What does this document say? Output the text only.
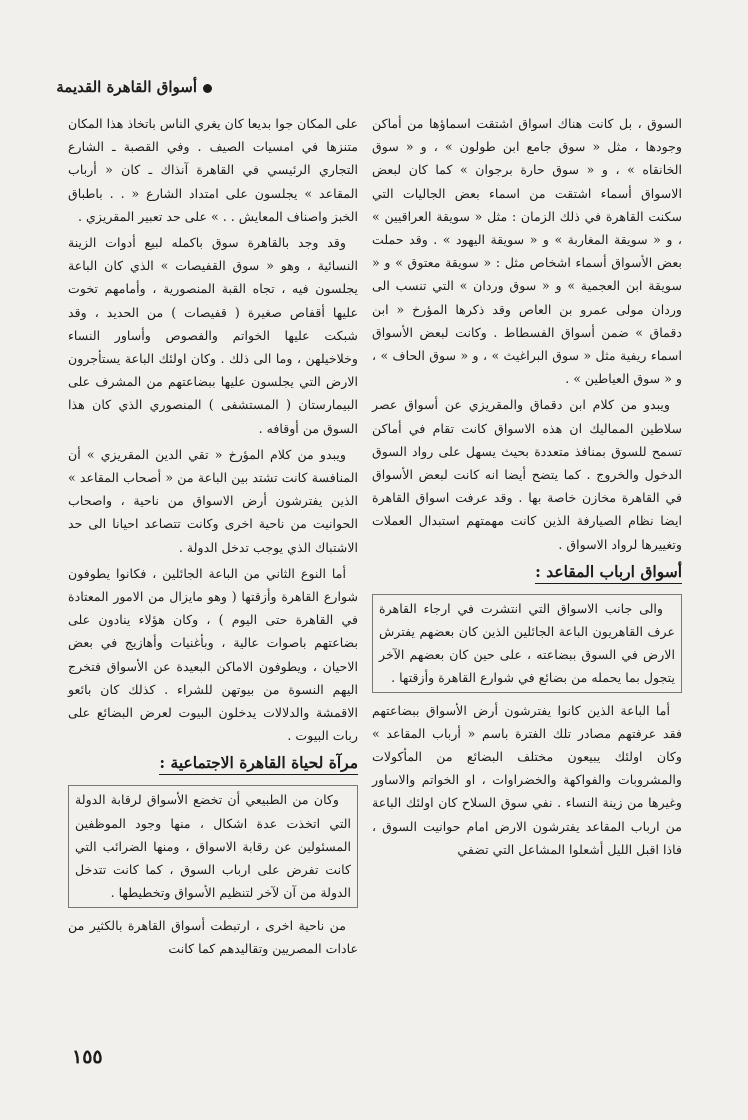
أسواق القاهرة القديمة

السوق ، بل كانت هناك اسواق اشتقت اسماؤها من أماكن وجودها ، مثل « سوق جامع ابن طولون » ، و « سوق الخانقاه » ، و « سوق حارة برجوان » كما كان لبعض الاسواق أسماء اشتقت من اسماء بعض الجاليات التي سكنت القاهرة في ذلك الزمان : مثل « سويقة العراقيين » ، و « سويقة المغاربة » و « سويقة اليهود » . وقد حملت بعض الأسواق أسماء اشخاص مثل : « سويقة معتوق » و « سويقة ابن العجمية » و « سوق وردان » التي تنسب الى وردان مولى عمرو بن العاص وقد ذكرها المؤرخ « ابن دقماق » ضمن أسواق الفسطاط . وكانت لبعض الأسواق اسماء ريفية مثل « سوق البراغيث » ، و « سوق الحاف » ، و « سوق العياطين » .

ويبدو من كلام ابن دقماق والمقريزي عن أسواق عصر سلاطين المماليك ان هذه الاسواق كانت تقام في أماكن تسمح للسوق بمنافذ متعددة بحيث يسهل على رواد السوق الدخول والخروج . كما يتضح أيضا انه كانت لبعض الأسواق في القاهرة مخازن خاصة بها . وقد عرفت اسواق القاهرة ايضا نظام الصيارفة الذين كانت مهمتهم استبدال العملات وتغييرها لرواد الاسواق .

أسواق ارباب المقاعد :

والى جانب الاسواق التي انتشرت في ارجاء القاهرة عرف القاهريون الباعة الجائلين الذين كان بعضهم يفترش الارض في السوق ببضاعته ، على حين كان بعضهم الآخر يتجول بما يحمله من بضائع في شوارع القاهرة وأزقتها .

أما الباعة الذين كانوا يفترشون أرض الأسواق ببضاعتهم فقد عرفتهم مصادر تلك الفترة باسم « أرباب المقاعد » وكان اولئك يبيعون مختلف البضائع من المأكولات والمشروبات والفواكهة والخضراوات ، او الخواتم والاساور وغيرها من زينة النساء . نفي سوق السلاح كان اولئك الباعة من ارباب المقاعد يفترشون الارض امام حوانيت السوق ، فاذا اقبل الليل أشعلوا المشاعل التي تضفي

على المكان جوا بديعا كان يغري الناس باتخاذ هذا المكان متنزها في امسيات الصيف . وفي القصبة ـ الشارع التجاري الرئيسي في القاهرة آنذاك ـ كان « أرباب المقاعد » يجلسون على امتداد الشارع « . . باطباق الخبز واصناف المعايش . . » على حد تعبير المقريزي .

وقد وجد بالقاهرة سوق باكمله لبيع أدوات الزينة النسائية ، وهو « سوق القفيصات » الذي كان الباعة يجلسون فيه ، تجاه القبة المنصورية ، وأمامهم تخوت عليها أقفاص صغيرة ( قفيصات ) من الحديد ، وقد شبكت عليها الخواتم والفصوص وأساور النساء وخلاخيلهن ، وما الى ذلك . وكان اولئك الباعة يستأجرون الارض التي يجلسون عليها ببضاعتهم من المشرف على البيمارستان ( المستشفى ) المنصوري الذي كان هذا السوق من أوقافه .

ويبدو من كلام المؤرخ « تقي الدين المقريزي » أن المنافسة كانت تشتد بين الباعة من « أصحاب المقاعد » الذين يفترشون أرض الاسواق من ناحية ، واصحاب الحوانيت من ناحية اخرى وكانت تتصاعد احيانا الى حد الاشتباك الذي يوجب تدخل الدولة .

أما النوع الثاني من الباعة الجائلين ، فكانوا يطوفون شوارع القاهرة وأزقتها ( وهو مايزال من الامور المعتادة في القاهرة حتى اليوم ) ، وكان هؤلاء ينادون على بضاعتهم باصوات عالية ، وبأغنيات وأهازيج في بعض الاحيان ، ويطوفون الاماكن البعيدة عن الأسواق فتخرج اليهم النسوة من بيوتهن للشراء . كذلك كان بائعو الاقمشة والدلالات يدخلون البيوت لعرض البضائع على ربات البيوت .

مرآة لحياة القاهرة الاجتماعية :

وكان من الطبيعي أن تخضع الأسواق لرقابة الدولة التي اتخذت عدة اشكال ، منها وجود الموظفين المسئولين عن رقابة الاسواق ، ومنها الضرائب التي كانت تفرض على ارباب السوق ، كما كانت تتدخل الدولة من آن لآخر لتنظيم الأسواق وتخطيطها .

من ناحية اخرى ، ارتبطت أسواق القاهرة بالكثير من عادات المصريين وتقاليدهم كما كانت

١٥٥
